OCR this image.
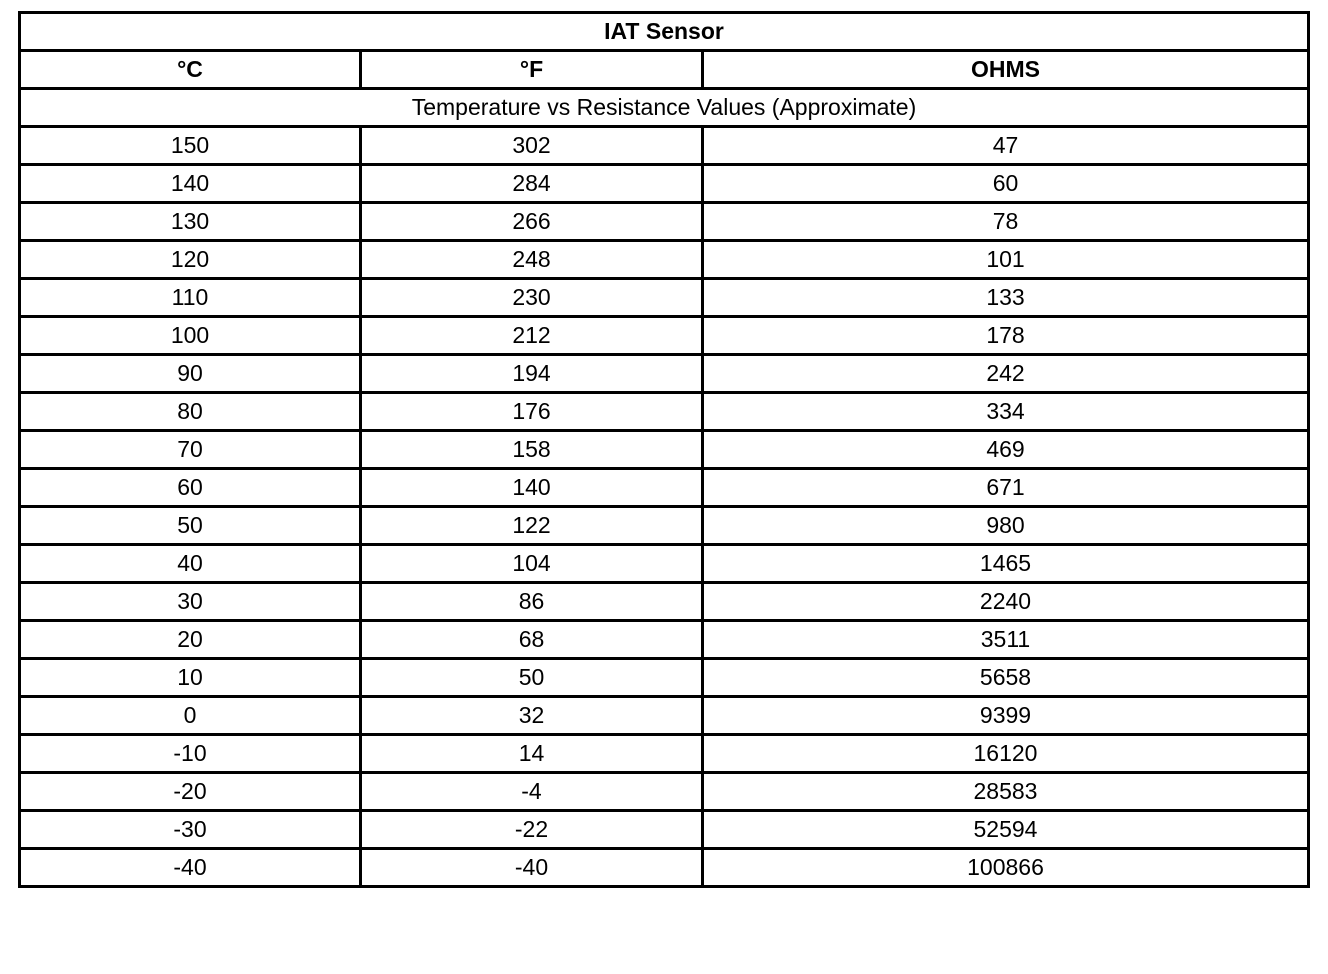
IAT Sensor		
°C	°F	OHMS
Temperature vs Resistance Values (Approximate)		
150	302	47
140	284	60
130	266	78
120	248	101
110	230	133
100	212	178
90	194	242
80	176	334
70	158	469
60	140	671
50	122	980
40	104	1465
30	86	2240
20	68	3511
10	50	5658
0	32	9399
-10	14	16120
-20	-4	28583
-30	-22	52594
-40	-40	100866
